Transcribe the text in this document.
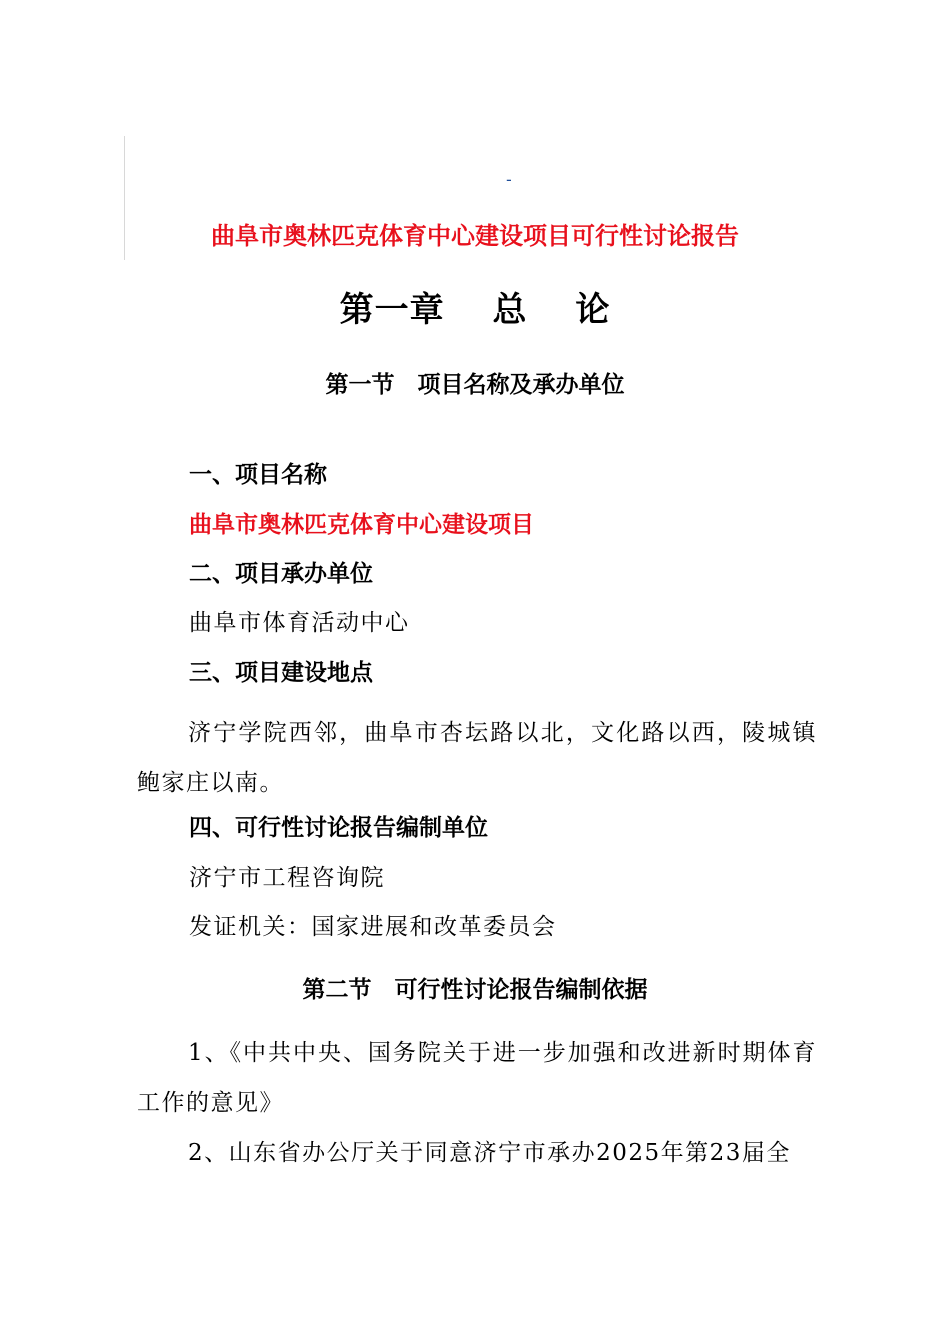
-
曲阜市奥林匹克体育中心建设项目可行性讨论报告
第一章　 总　 论
第一节　项目名称及承办单位
一、项目名称
曲阜市奥林匹克体育中心建设项目
二、项目承办单位
曲阜市体育活动中心
三、项目建设地点
济宁学院西邻，曲阜市杏坛路以北，文化路以西，陵城镇鲍家庄以南。
四、可行性讨论报告编制单位
济宁市工程咨询院
发证机关：国家进展和改革委员会
第二节　可行性讨论报告编制依据
1、《中共中央、国务院关于进一步加强和改进新时期体育工作的意见》
2、山东省办公厅关于同意济宁市承办2025年第23届全
